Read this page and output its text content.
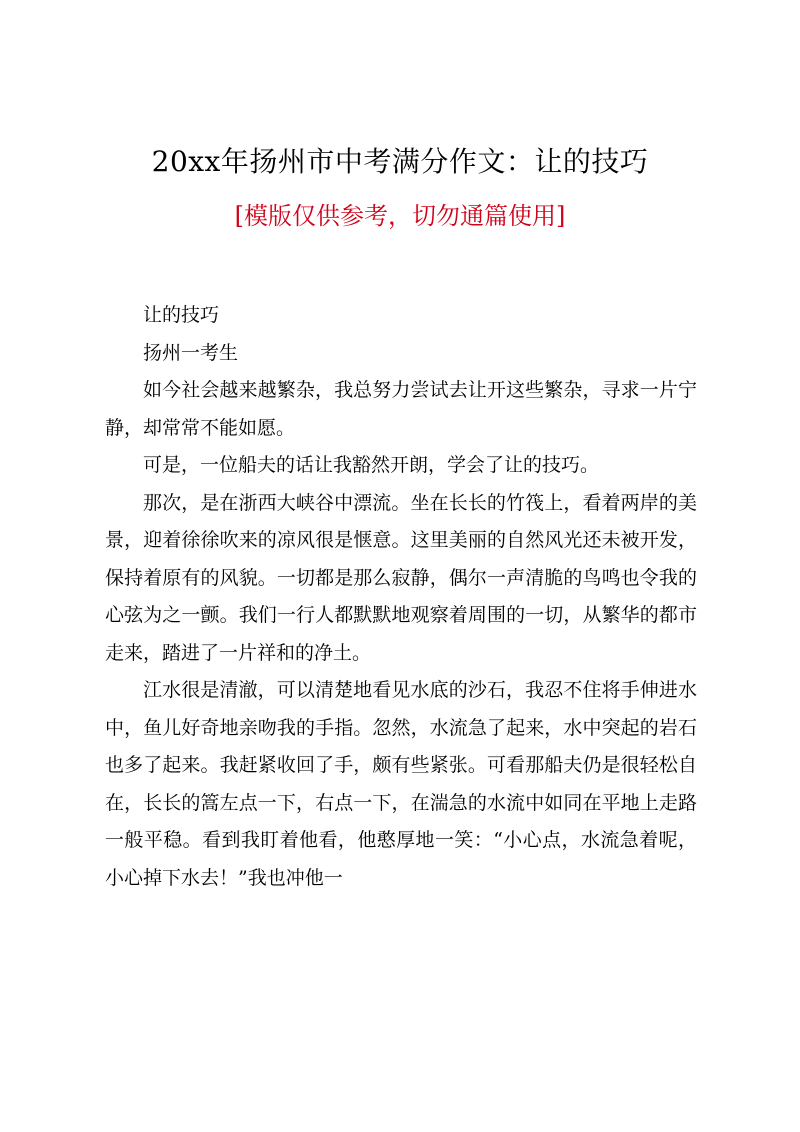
20xx年扬州市中考满分作文：让的技巧
[模版仅供参考，切勿通篇使用]

让的技巧

扬州一考生

如今社会越来越繁杂，我总努力尝试去让开这些繁杂，寻求一片宁静，却常常不能如愿。

可是，一位船夫的话让我豁然开朗，学会了让的技巧。

那次，是在浙西大峡谷中漂流。坐在长长的竹筏上，看着两岸的美景，迎着徐徐吹来的凉风很是惬意。这里美丽的自然风光还未被开发，保持着原有的风貌。一切都是那么寂静，偶尔一声清脆的鸟鸣也令我的心弦为之一颤。我们一行人都默默地观察着周围的一切，从繁华的都市走来，踏进了一片祥和的净土。

江水很是清澈，可以清楚地看见水底的沙石，我忍不住将手伸进水中，鱼儿好奇地亲吻我的手指。忽然，水流急了起来，水中突起的岩石也多了起来。我赶紧收回了手，颇有些紧张。可看那船夫仍是很轻松自在，长长的篙左点一下，右点一下，在湍急的水流中如同在平地上走路一般平稳。看到我盯着他看，他憨厚地一笑：“小心点，水流急着呢，小心掉下水去！”我也冲他一
